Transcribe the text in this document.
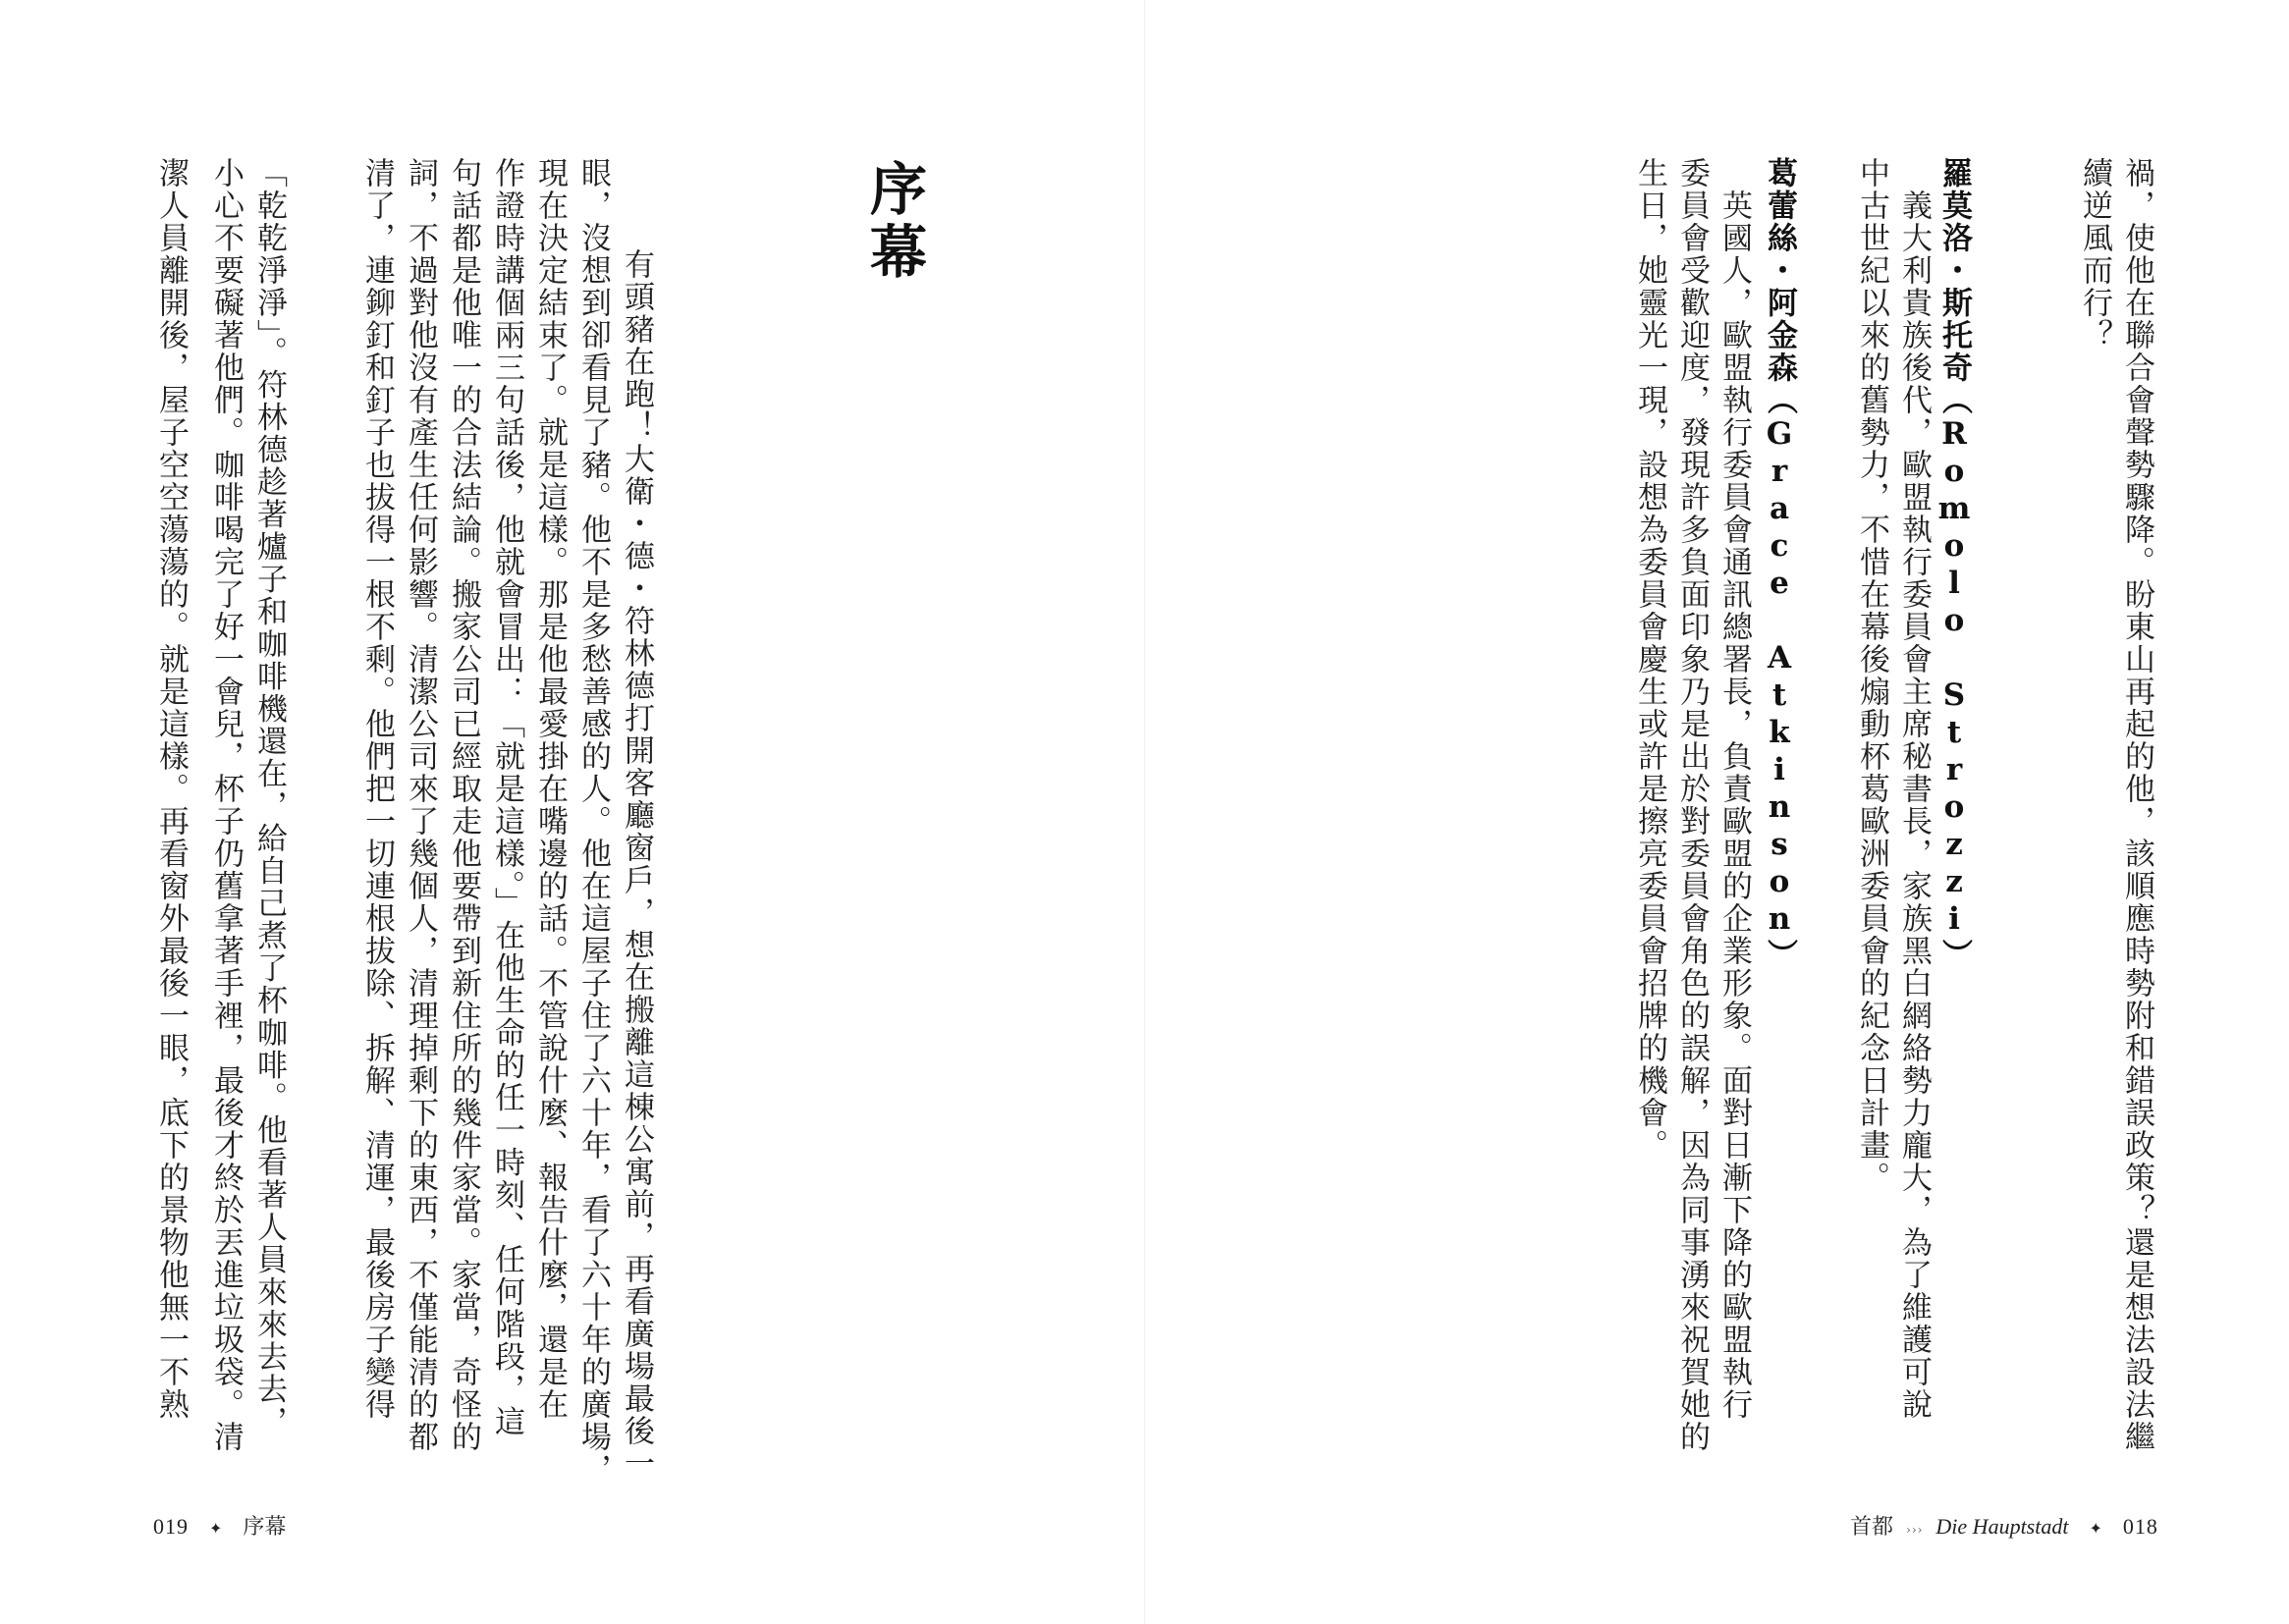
禍，使他在聯合會聲勢驟降。盼東山再起的他，該順應時勢附和錯誤政策？還是想法設法繼
續逆風而行？
羅莫洛・斯托奇（Romolo Strozzi）
　義大利貴族後代，歐盟執行委員會主席秘書長，家族黑白網絡勢力龐大，為了維護可說
中古世紀以來的舊勢力，不惜在幕後煽動杯葛歐洲委員會的紀念日計畫。
葛蕾絲・阿金森（Grace Atkinson）
　英國人，歐盟執行委員會通訊總署長，負責歐盟的企業形象。面對日漸下降的歐盟執行
委員會受歡迎度，發現許多負面印象乃是出於對委員會角色的誤解，因為同事湧來祝賀她的
生日，她靈光一現，設想為委員會慶生或許是擦亮委員會招牌的機會。
首都 ››› Die Hauptstadt ✦ 018
序幕
　有頭豬在跑！大衛・德・符林德打開客廳窗戶，想在搬離這棟公寓前，再看廣場最後一
眼，沒想到卻看見了豬。他不是多愁善感的人。他在這屋子住了六十年，看了六十年的廣場，
現在決定結束了。就是這樣。那是他最愛掛在嘴邊的話。不管說什麼、報告什麼，還是在
作證時講個兩三句話後，他就會冒出：「就是這樣。」在他生命的任一時刻、任何階段，這
句話都是他唯一的合法結論。搬家公司已經取走他要帶到新住所的幾件家當。家當，奇怪的
詞，不過對他沒有產生任何影響。清潔公司來了幾個人，清理掉剩下的東西，不僅能清的都
清了，連鉚釘和釘子也拔得一根不剩。他們把一切連根拔除、拆解、清運，最後房子變得
「乾乾淨淨」。符林德趁著爐子和咖啡機還在，給自己煮了杯咖啡。他看著人員來來去去，
小心不要礙著他們。咖啡喝完了好一會兒，杯子仍舊拿著手裡，最後才終於丟進垃圾袋。清
潔人員離開後，屋子空空蕩蕩的。就是這樣。再看窗外最後一眼，底下的景物他無一不熟
019 ✦ 序幕
